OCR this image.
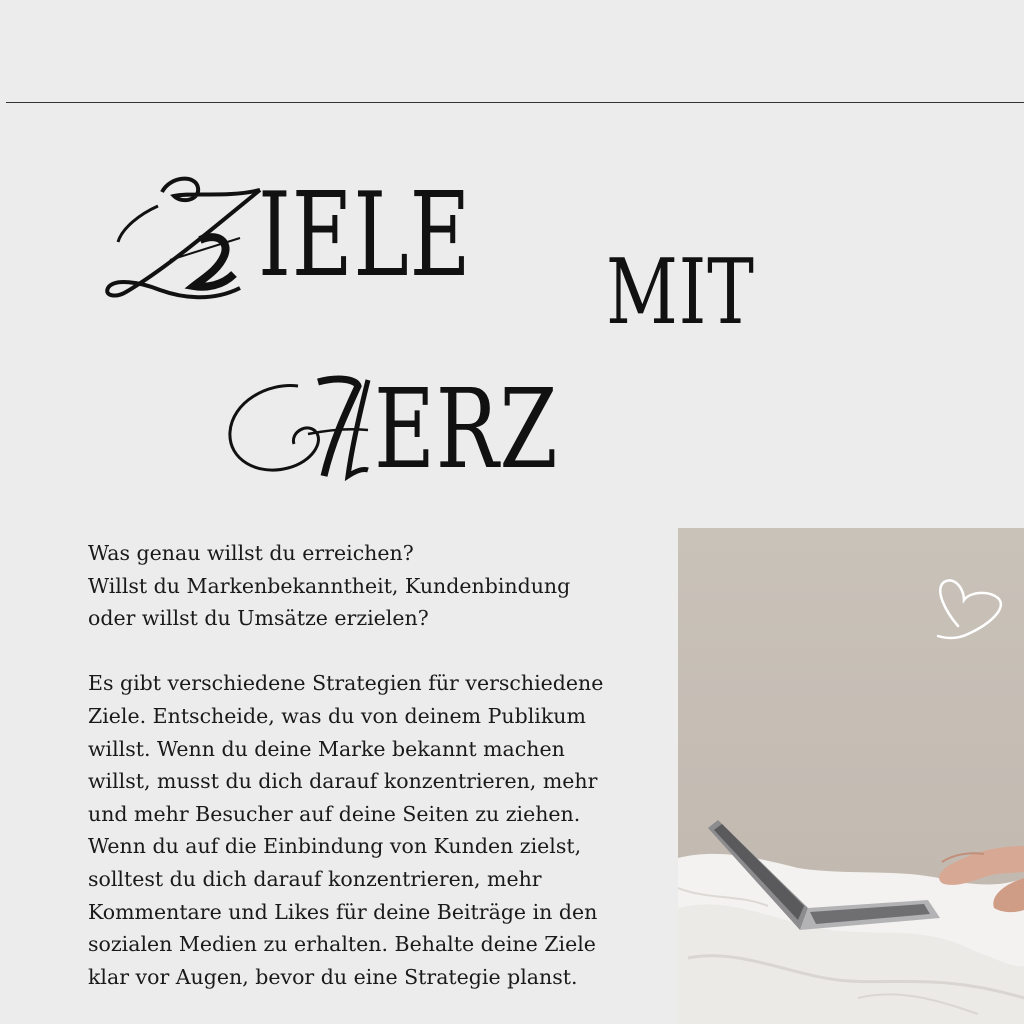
IELE MIT
ERZ

Was genau willst du erreichen?
Willst du Markenbekanntheit, Kundenbindung
oder willst du Umsätze erzielen?

Es gibt verschiedene Strategien für verschiedene
Ziele. Entscheide, was du von deinem Publikum
willst. Wenn du deine Marke bekannt machen
willst, musst du dich darauf konzentrieren, mehr
und mehr Besucher auf deine Seiten zu ziehen.
Wenn du auf die Einbindung von Kunden zielst,
solltest du dich darauf konzentrieren, mehr
Kommentare und Likes für deine Beiträge in den
sozialen Medien zu erhalten. Behalte deine Ziele
klar vor Augen, bevor du eine Strategie planst.
